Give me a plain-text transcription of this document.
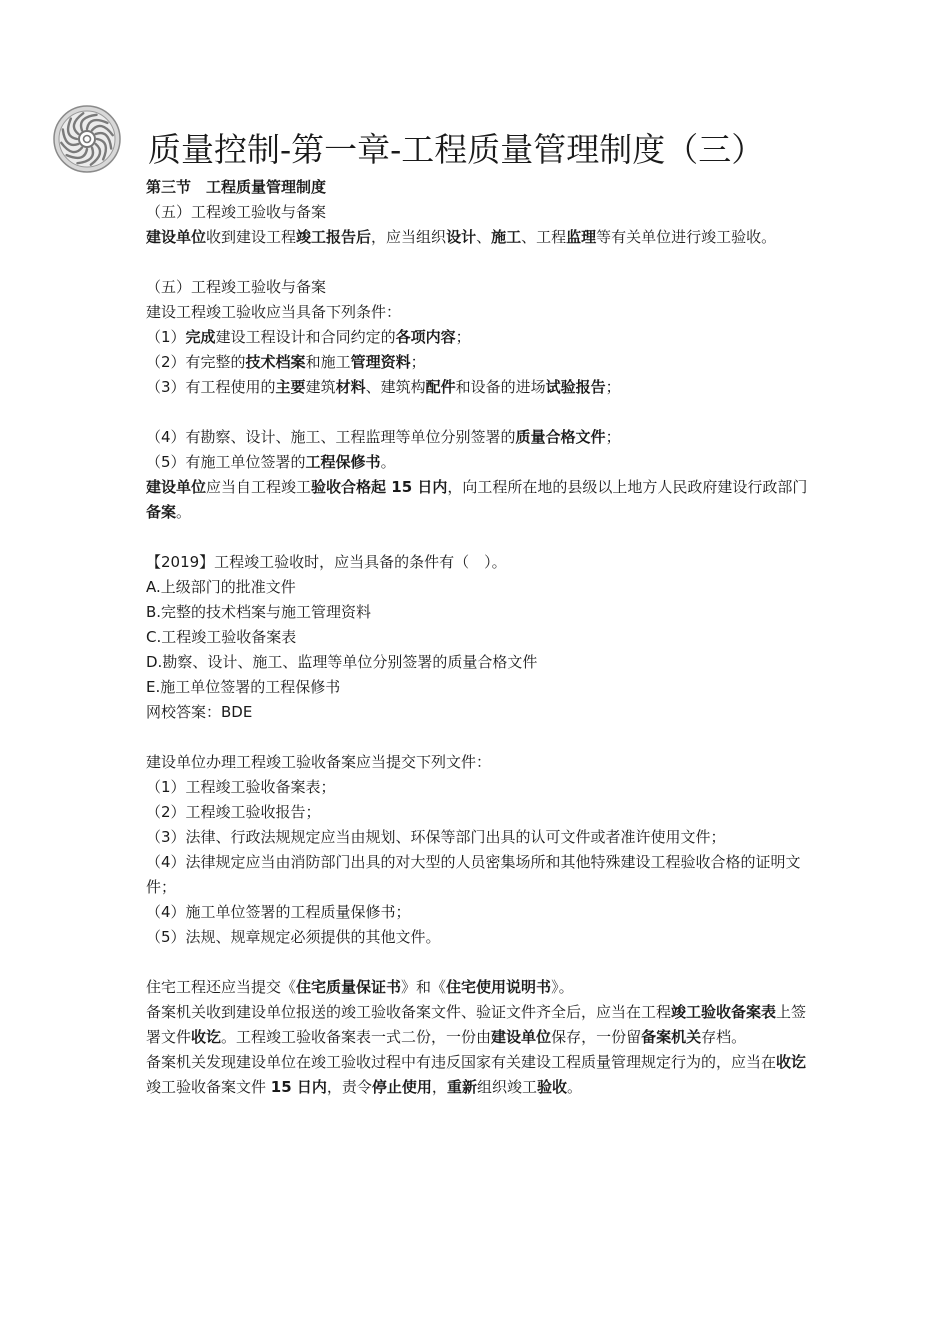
质量控制-第一章-工程质量管理制度（三）

第三节　工程质量管理制度

（五）工程竣工验收与备案

建设单位收到建设工程竣工报告后，应当组织设计、施工、工程监理等有关单位进行竣工验收。

（五）工程竣工验收与备案

建设工程竣工验收应当具备下列条件：

（1）完成建设工程设计和合同约定的各项内容；

（2）有完整的技术档案和施工管理资料；

（3）有工程使用的主要建筑材料、建筑构配件和设备的进场试验报告；

（4）有勘察、设计、施工、工程监理等单位分别签署的质量合格文件；

（5）有施工单位签署的工程保修书。

建设单位应当自工程竣工验收合格起 15 日内，向工程所在地的县级以上地方人民政府建设行政部门备案。

【2019】工程竣工验收时，应当具备的条件有（　）。

A.上级部门的批准文件

B.完整的技术档案与施工管理资料

C.工程竣工验收备案表

D.勘察、设计、施工、监理等单位分别签署的质量合格文件

E.施工单位签署的工程保修书

网校答案：BDE

建设单位办理工程竣工验收备案应当提交下列文件：

（1）工程竣工验收备案表；

（2）工程竣工验收报告；

（3）法律、行政法规规定应当由规划、环保等部门出具的认可文件或者准许使用文件；

（4）法律规定应当由消防部门出具的对大型的人员密集场所和其他特殊建设工程验收合格的证明文件；

（4）施工单位签署的工程质量保修书；

（5）法规、规章规定必须提供的其他文件。

住宅工程还应当提交《住宅质量保证书》和《住宅使用说明书》。

备案机关收到建设单位报送的竣工验收备案文件、验证文件齐全后，应当在工程竣工验收备案表上签署文件收讫。工程竣工验收备案表一式二份，一份由建设单位保存，一份留备案机关存档。

备案机关发现建设单位在竣工验收过程中有违反国家有关建设工程质量管理规定行为的，应当在收讫竣工验收备案文件 15 日内，责令停止使用，重新组织竣工验收。
